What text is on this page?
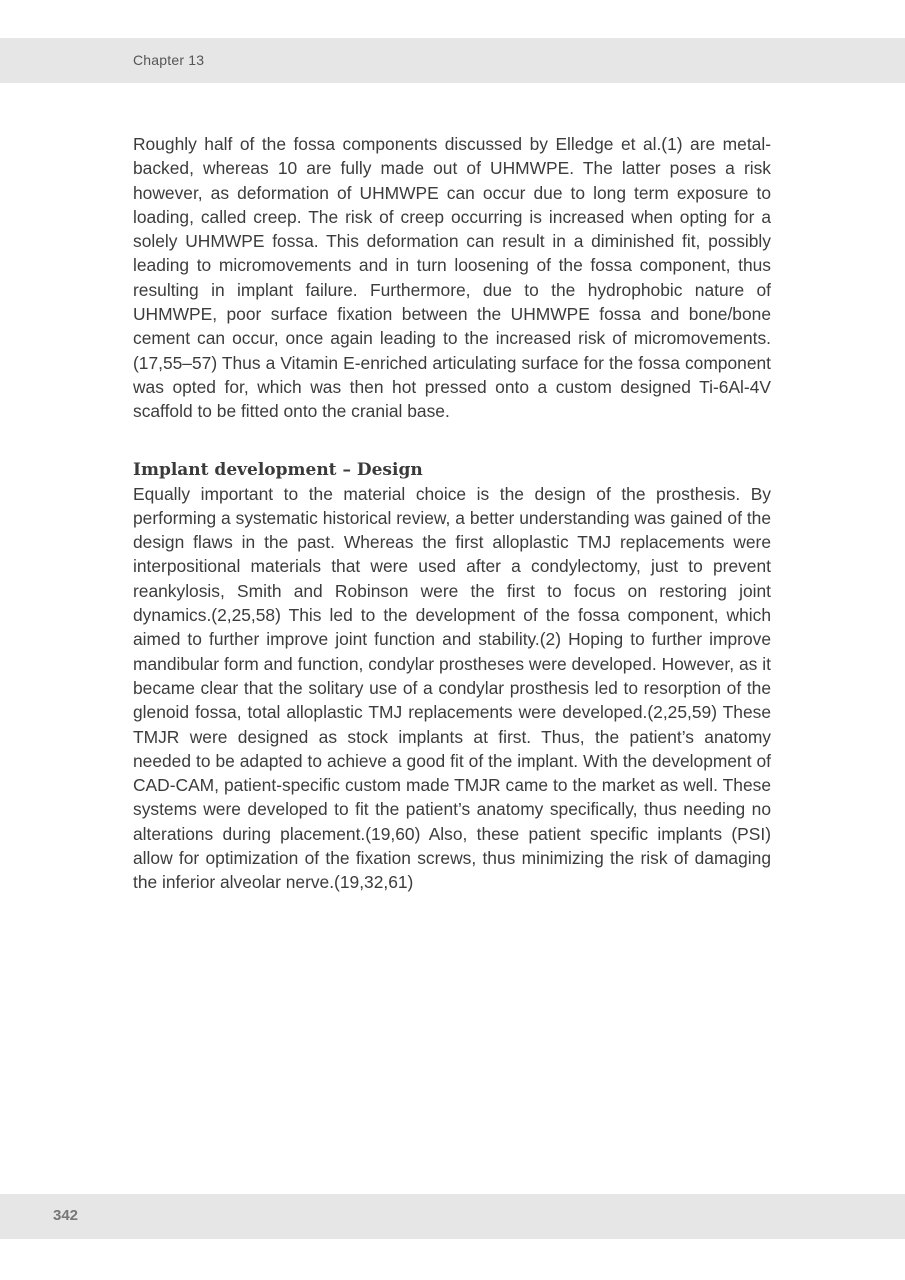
Chapter 13

Roughly half of the fossa components discussed by Elledge et al.(1) are metal-backed, whereas 10 are fully made out of UHMWPE. The latter poses a risk however, as deformation of UHMWPE can occur due to long term exposure to loading, called creep. The risk of creep occurring is increased when opting for a solely UHMWPE fossa. This deformation can result in a diminished fit, possibly leading to micromovements and in turn loosening of the fossa component, thus resulting in implant failure. Furthermore, due to the hydrophobic nature of UHMWPE, poor surface fixation between the UHMWPE fossa and bone/bone cement can occur, once again leading to the increased risk of micromovements.(17,55–57) Thus a Vitamin E-enriched articulating surface for the fossa component was opted for, which was then hot pressed onto a custom designed Ti-6Al-4V scaffold to be fitted onto the cranial base.

Implant development – Design

Equally important to the material choice is the design of the prosthesis. By performing a systematic historical review, a better understanding was gained of the design flaws in the past. Whereas the first alloplastic TMJ replacements were interpositional materials that were used after a condylectomy, just to prevent reankylosis, Smith and Robinson were the first to focus on restoring joint dynamics.(2,25,58) This led to the development of the fossa component, which aimed to further improve joint function and stability.(2) Hoping to further improve mandibular form and function, condylar prostheses were developed. However, as it became clear that the solitary use of a condylar prosthesis led to resorption of the glenoid fossa, total alloplastic TMJ replacements were developed.(2,25,59) These TMJR were designed as stock implants at first. Thus, the patient’s anatomy needed to be adapted to achieve a good fit of the implant. With the development of CAD-CAM, patient-specific custom made TMJR came to the market as well. These systems were developed to fit the patient’s anatomy specifically, thus needing no alterations during placement.(19,60) Also, these patient specific implants (PSI) allow for optimization of the fixation screws, thus minimizing the risk of damaging the inferior alveolar nerve.(19,32,61)

342
